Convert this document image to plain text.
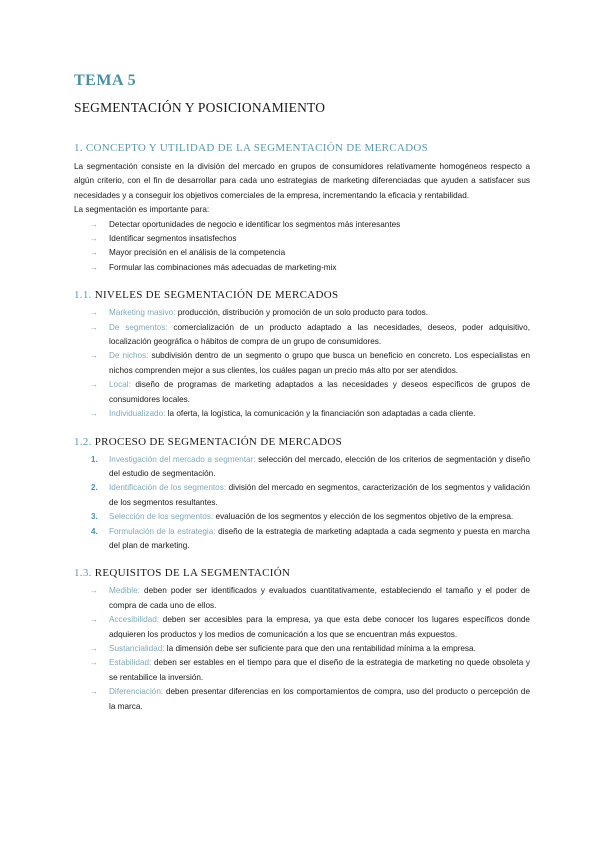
TEMA 5
SEGMENTACIÓN Y POSICIONAMIENTO
1. CONCEPTO Y UTILIDAD DE LA SEGMENTACIÓN DE MERCADOS

La segmentación consiste en la división del mercado en grupos de consumidores relativamente homogéneos respecto a algún criterio, con el fin de desarrollar para cada uno estrategias de marketing diferenciadas que ayuden a satisfacer sus necesidades y a conseguir los objetivos comerciales de la empresa, incrementando la eficacia y rentabilidad.

La segmentación es importante para:

→ Detectar oportunidades de negocio e identificar los segmentos más interesantes
→ Identificar segmentos insatisfechos
→ Mayor precisión en el análisis de la competencia
→ Formular las combinaciones más adecuadas de marketing-mix
1.1. NIVELES DE SEGMENTACIÓN DE MERCADOS
→ Marketing masivo: producción, distribución y promoción de un solo producto para todos.
→ De segmentos: comercialización de un producto adaptado a las necesidades, deseos, poder adquisitivo, localización geográfica o hábitos de compra de un grupo de consumidores.
→ De nichos: subdivisión dentro de un segmento o grupo que busca un beneficio en concreto. Los especialistas en nichos comprenden mejor a sus clientes, los cuáles pagan un precio más alto por ser atendidos.
→ Local: diseño de programas de marketing adaptados a las necesidades y deseos específicos de grupos de consumidores locales.
→ Individualizado: la oferta, la logística, la comunicación y la financiación son adaptadas a cada cliente.
1.2. PROCESO DE SEGMENTACIÓN DE MERCADOS
1. Investigación del mercado a segmentar: selección del mercado, elección de los criterios de segmentación y diseño del estudio de segmentación.
2. Identificación de los segmentos: división del mercado en segmentos, caracterización de los segmentos y validación de los segmentos resultantes.
3. Selección de los segmentos: evaluación de los segmentos y elección de los segmentos objetivo de la empresa.
4. Formulación de la estrategia: diseño de la estrategia de marketing adaptada a cada segmento y puesta en marcha del plan de marketing.
1.3. REQUISITOS DE LA SEGMENTACIÓN
→ Medible: deben poder ser identificados y evaluados cuantitativamente, estableciendo el tamaño y el poder de compra de cada uno de ellos.
→ Accesibilidad: deben ser accesibles para la empresa, ya que esta debe conocer los lugares específicos donde adquieren los productos y los medios de comunicación a los que se encuentran más expuestos.
→ Sustancialidad: la dimensión debe ser suficiente para que den una rentabilidad mínima a la empresa.
→ Estabilidad: deben ser estables en el tiempo para que el diseño de la estrategia de marketing no quede obsoleta y se rentabilice la inversión.
→ Diferenciación: deben presentar diferencias en los comportamientos de compra, uso del producto o percepción de la marca.
